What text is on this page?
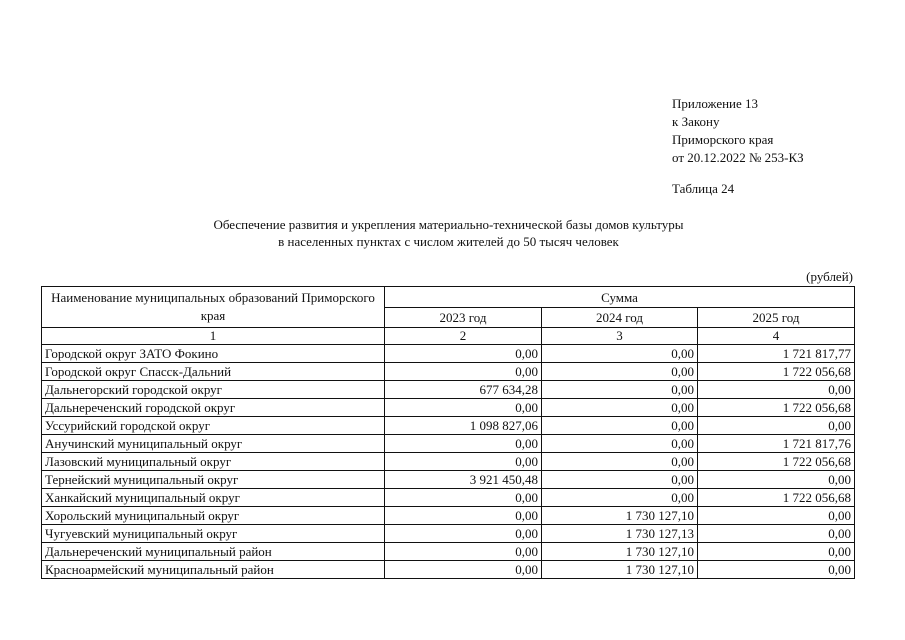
Приложение 13
к Закону
Приморского края
от 20.12.2022 № 253-КЗ
Таблица 24
Обеспечение развития и укрепления материально-технической базы домов культуры
в населенных пунктах с числом жителей до 50 тысяч человек
(рублей)
Наименование муниципальных образований Приморского края	Сумма		
	2023 год	2024 год	2025 год
1	2	3	4
Городской округ ЗАТО Фокино	0,00	0,00	1 721 817,77
Городской округ Спасск-Дальний	0,00	0,00	1 722 056,68
Дальнегорский городской округ	677 634,28	0,00	0,00
Дальнереченский городской округ	0,00	0,00	1 722 056,68
Уссурийский городской округ	1 098 827,06	0,00	0,00
Анучинский муниципальный округ	0,00	0,00	1 721 817,76
Лазовский муниципальный округ	0,00	0,00	1 722 056,68
Тернейский муниципальный округ	3 921 450,48	0,00	0,00
Ханкайский муниципальный округ	0,00	0,00	1 722 056,68
Хорольский муниципальный округ	0,00	1 730 127,10	0,00
Чугуевский муниципальный округ	0,00	1 730 127,13	0,00
Дальнереченский муниципальный район	0,00	1 730 127,10	0,00
Красноармейский муниципальный район	0,00	1 730 127,10	0,00
